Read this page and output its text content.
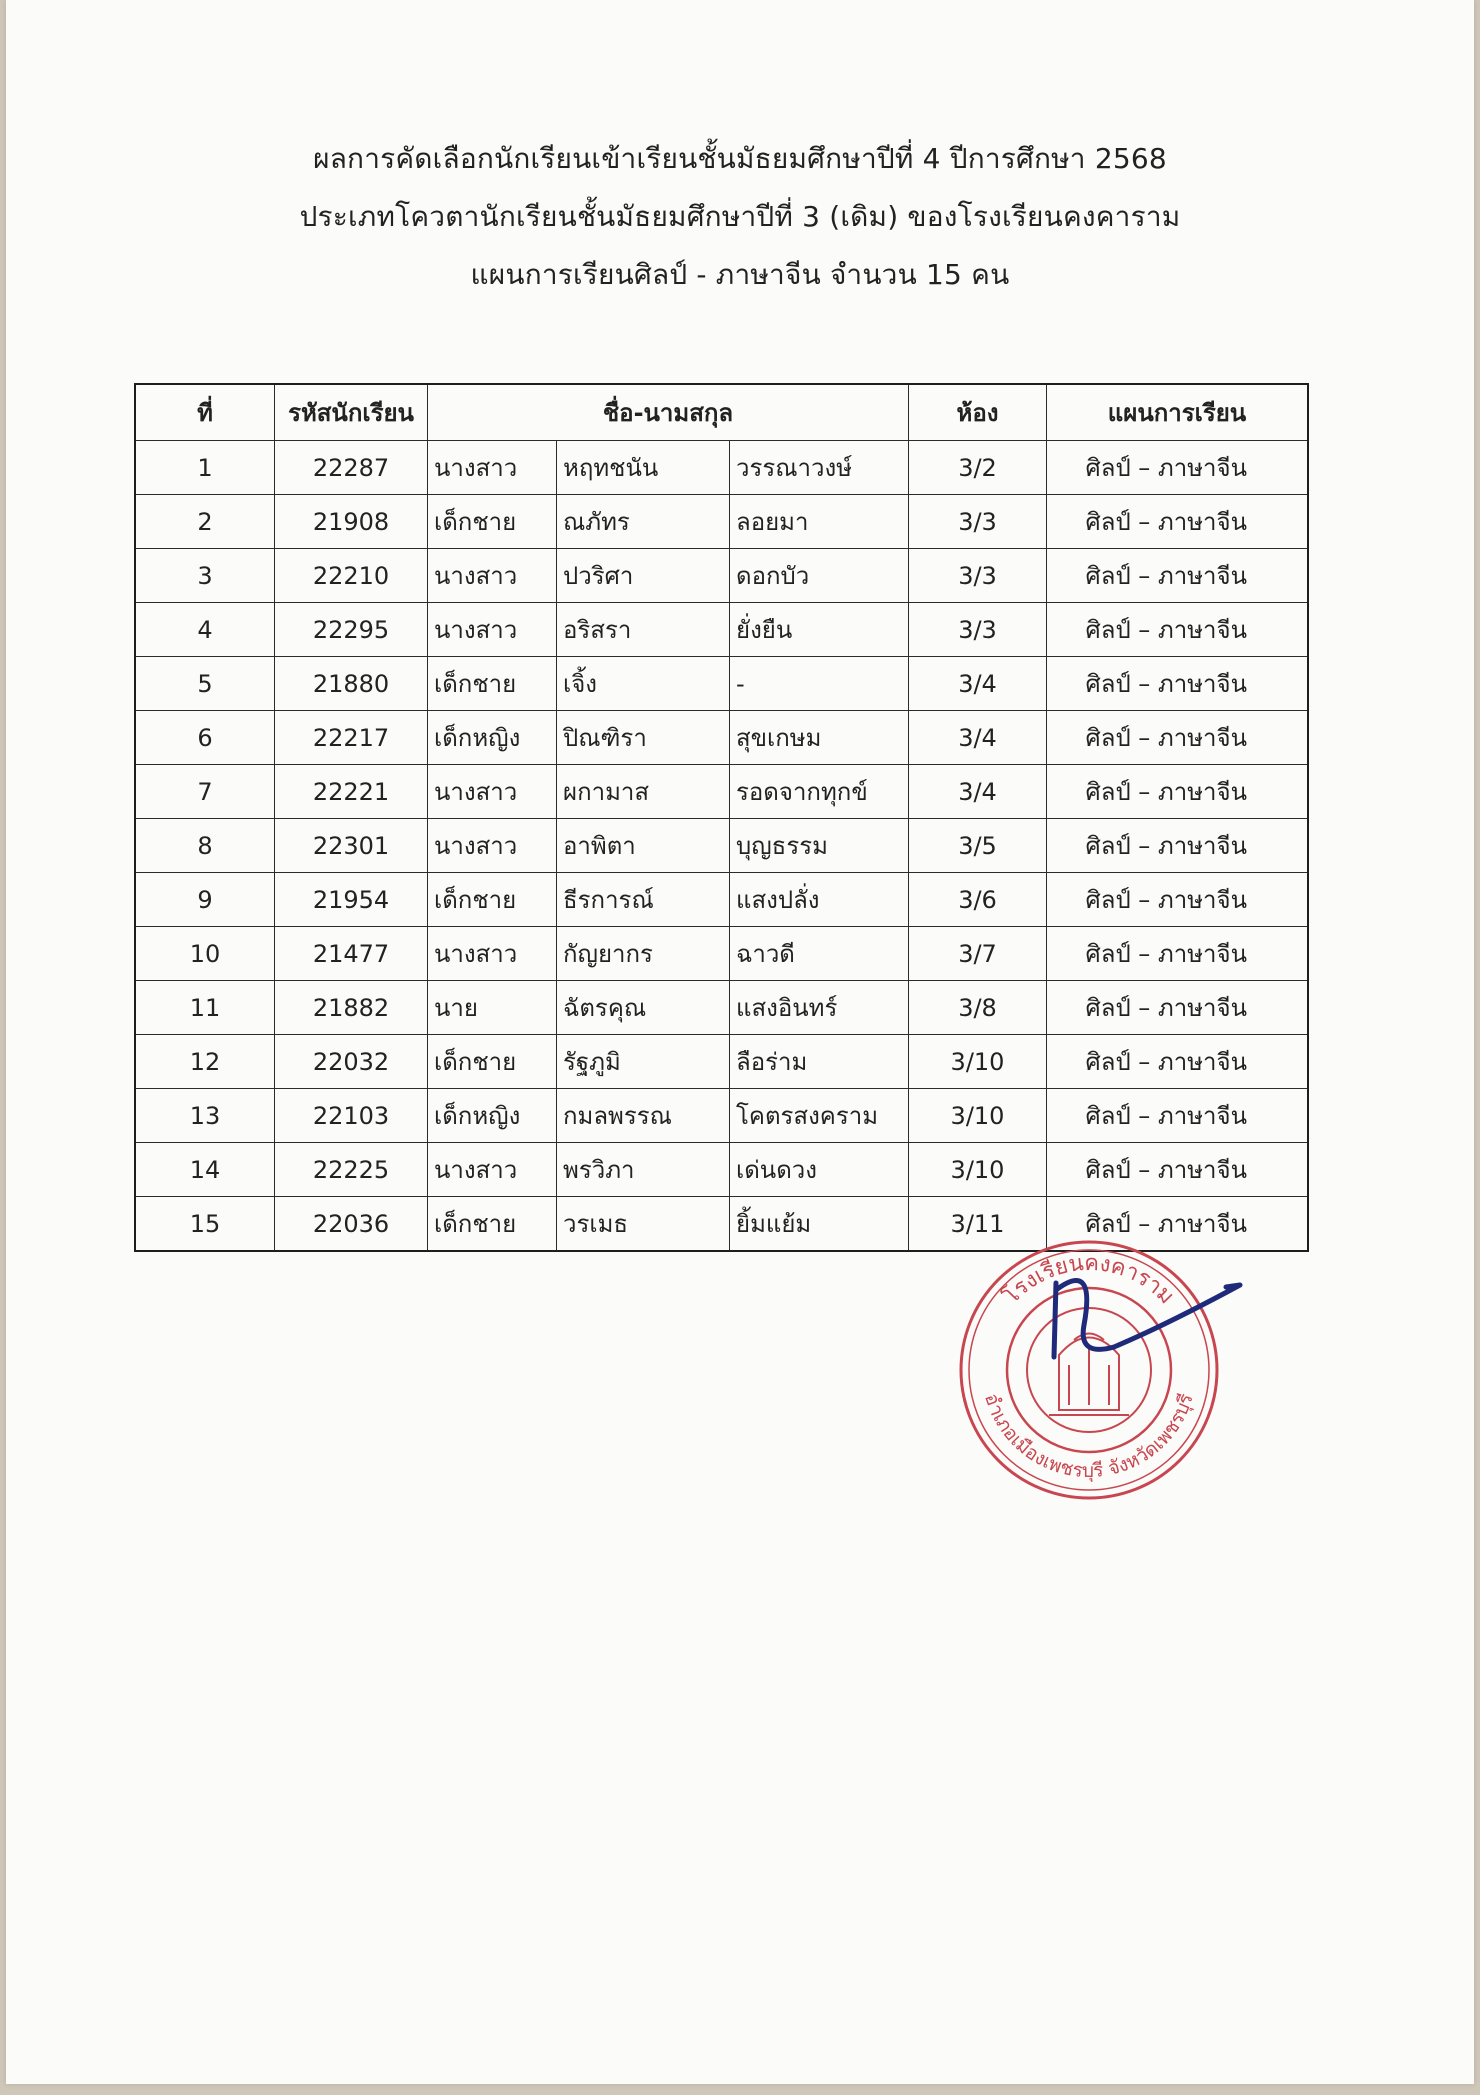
ผลการคัดเลือกนักเรียนเข้าเรียนชั้นมัธยมศึกษาปีที่ 4 ปีการศึกษา 2568
ประเภทโควตานักเรียนชั้นมัธยมศึกษาปีที่ 3 (เดิม) ของโรงเรียนคงคาราม
แผนการเรียนศิลป์ - ภาษาจีน จำนวน 15 คน
ที่	รหัสนักเรียน	ชื่อ-นามสกุล			ห้อง	แผนการเรียน
1	22287	นางสาว	หฤทชนัน	วรรณาวงษ์	3/2	ศิลป์ – ภาษาจีน
2	21908	เด็กชาย	ณภัทร	ลอยมา	3/3	ศิลป์ – ภาษาจีน
3	22210	นางสาว	ปวริศา	ดอกบัว	3/3	ศิลป์ – ภาษาจีน
4	22295	นางสาว	อริสรา	ยั่งยืน	3/3	ศิลป์ – ภาษาจีน
5	21880	เด็กชาย	เจิ้ง	-	3/4	ศิลป์ – ภาษาจีน
6	22217	เด็กหญิง	ปิณฑิรา	สุขเกษม	3/4	ศิลป์ – ภาษาจีน
7	22221	นางสาว	ผกามาส	รอดจากทุกข์	3/4	ศิลป์ – ภาษาจีน
8	22301	นางสาว	อาพิตา	บุญธรรม	3/5	ศิลป์ – ภาษาจีน
9	21954	เด็กชาย	ธีรการณ์	แสงปลั่ง	3/6	ศิลป์ – ภาษาจีน
10	21477	นางสาว	กัญยากร	ฉาวดี	3/7	ศิลป์ – ภาษาจีน
11	21882	นาย	ฉัตรคุณ	แสงอินทร์	3/8	ศิลป์ – ภาษาจีน
12	22032	เด็กชาย	รัฐภูมิ	ลือร่าม	3/10	ศิลป์ – ภาษาจีน
13	22103	เด็กหญิง	กมลพรรณ	โคตรสงคราม	3/10	ศิลป์ – ภาษาจีน
14	22225	นางสาว	พรวิภา	เด่นดวง	3/10	ศิลป์ – ภาษาจีน
15	22036	เด็กชาย	วรเมธ	ยิ้มแย้ม	3/11	ศิลป์ – ภาษาจีน
โรงเรียนคงคาราม
อำเภอเมืองเพชรบุรี จังหวัดเพชรบุรี
